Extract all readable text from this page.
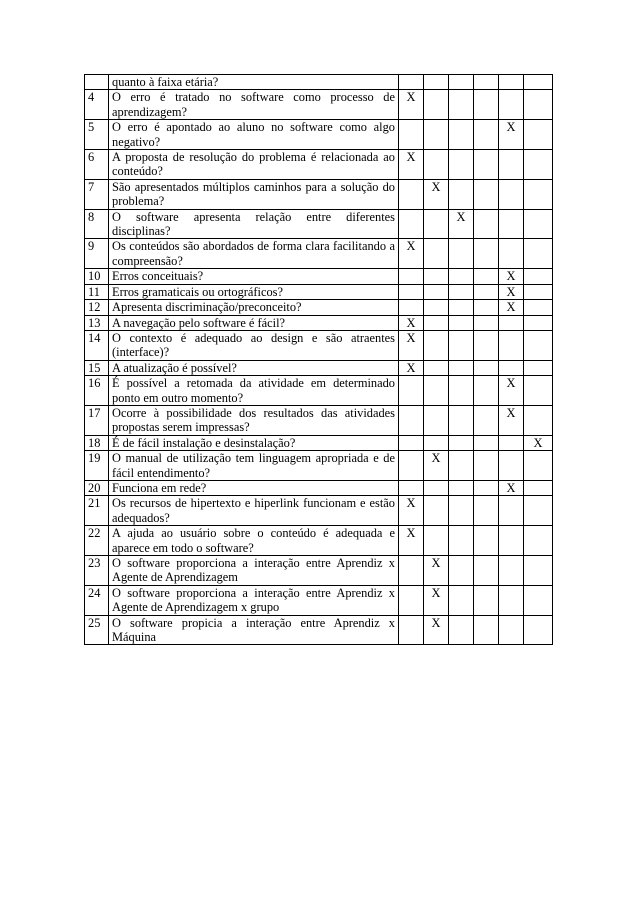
	quanto à faixa etária?						
4	O erro é tratado no software como processo de aprendizagem?	X					
5	O erro é apontado ao aluno no software como algo negativo?					X	
6	A proposta de resolução do problema é relacionada ao conteúdo?	X					
7	São apresentados múltiplos caminhos para a solução do problema?		X				
8	O software apresenta relação entre diferentes disciplinas?			X			
9	Os conteúdos são abordados de forma clara facilitando a compreensão?	X					
10	Erros conceituais?					X	
11	Erros gramaticais ou ortográficos?					X	
12	Apresenta discriminação/preconceito?					X	
13	A navegação pelo software é fácil?	X					
14	O contexto é adequado ao design e são atraentes (interface)?	X					
15	A atualização é possível?	X					
16	É possível a retomada da atividade em determinado ponto em outro momento?					X	
17	Ocorre à possibilidade dos resultados das atividades propostas serem impressas?					X	
18	É de fácil instalação e desinstalação?						X
19	O manual de utilização tem linguagem apropriada e de fácil entendimento?		X				
20	Funciona em rede?					X	
21	Os recursos de hipertexto e hiperlink funcionam e estão adequados?	X					
22	A ajuda ao usuário sobre o conteúdo é adequada e aparece em todo o software?	X					
23	O software proporciona a interação entre Aprendiz x Agente de Aprendizagem		X				
24	O software proporciona a interação entre Aprendiz x Agente de Aprendizagem x grupo		X				
25	O software propicia a interação entre Aprendiz x Máquina		X				
